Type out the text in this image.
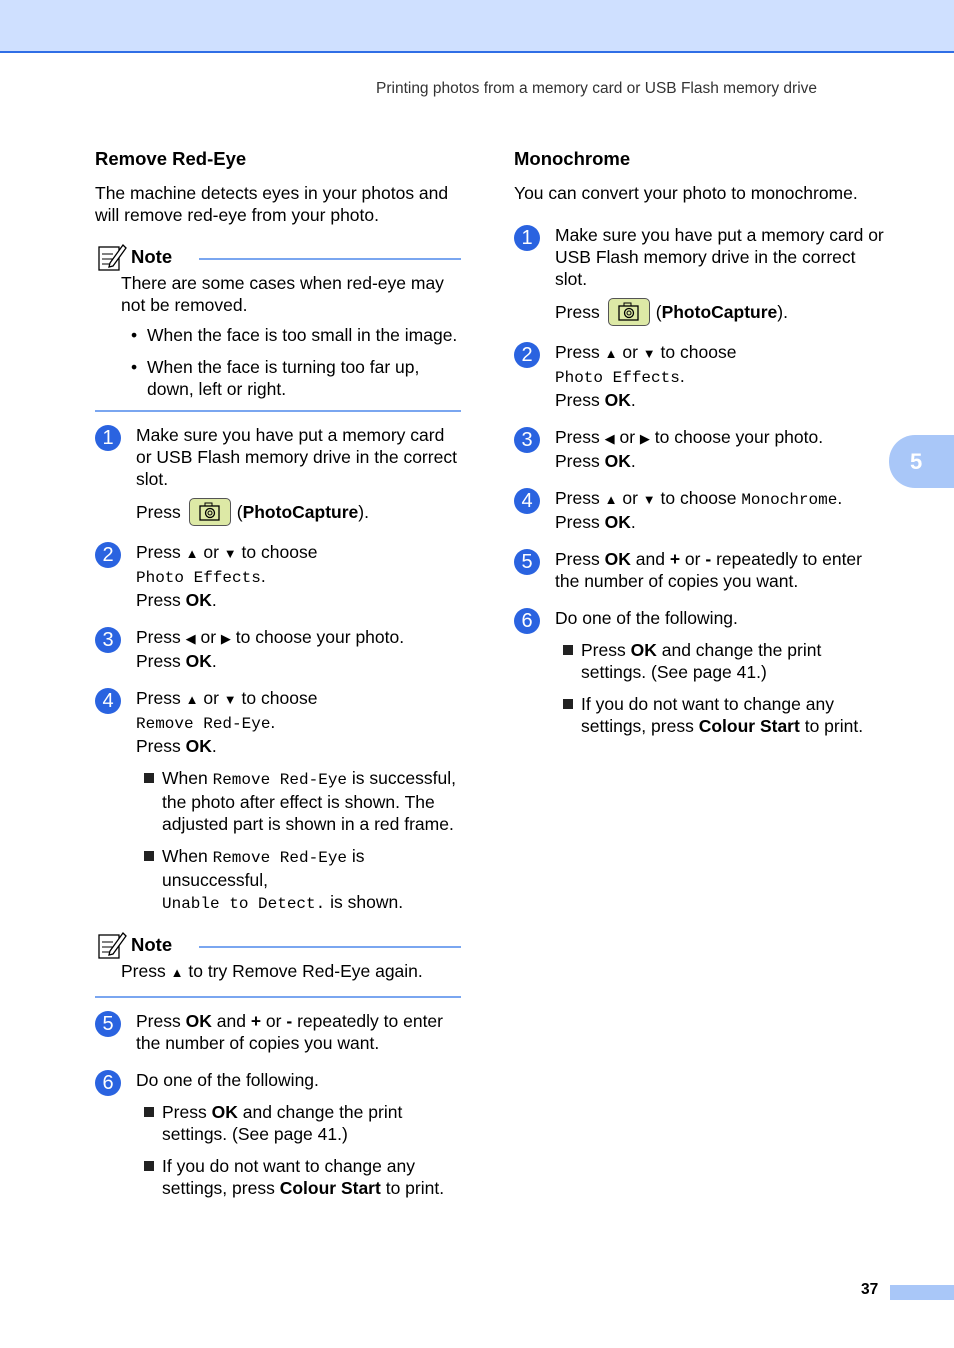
Printing photos from a memory card or USB Flash memory drive
Remove Red-Eye

The machine detects eyes in your photos and will remove red-eye from your photo.

Note

There are some cases when red-eye may not be removed.

• When the face is too small in the image.
• When the face is turning too far up, down, left or right.
1	Make sure you have put a memory card or USB Flash memory drive in the correct slot.

Press	( PhotoCapture ).
2	Press ▲ or ▼ to choose
Photo Effects.
Press OK.

3	Press ◀ or ▶ to choose your photo.
Press OK.

4	Press ▲ or ▼ to choose
Remove Red-Eye.
Press OK.

When Remove Red-Eye is successful, the photo after effect is shown. The adjusted part is shown in a red frame.
When Remove Red-Eye is unsuccessful,
Unable to Detect. is shown.
Note

Press ▲ to try Remove Red-Eye again.

5	Press OK and + or - repeatedly to enter the number of copies you want.

6	Do one of the following.

Press OK and change the print settings. (See page 41.)
If you do not want to change any settings, press Colour Start to print.
Monochrome

You can convert your photo to monochrome.

1	Make sure you have put a memory card or USB Flash memory drive in the correct slot.

Press	( PhotoCapture ).
2	Press ▲ or ▼ to choose
Photo Effects.
Press OK.

3	Press ◀ or ▶ to choose your photo.
Press OK.

4	Press ▲ or ▼ to choose Monochrome.
Press OK.

5	Press OK and + or - repeatedly to enter the number of copies you want.

6	Do one of the following.

Press OK and change the print settings. (See page 41.)
If you do not want to change any settings, press Colour Start to print.
5
37
